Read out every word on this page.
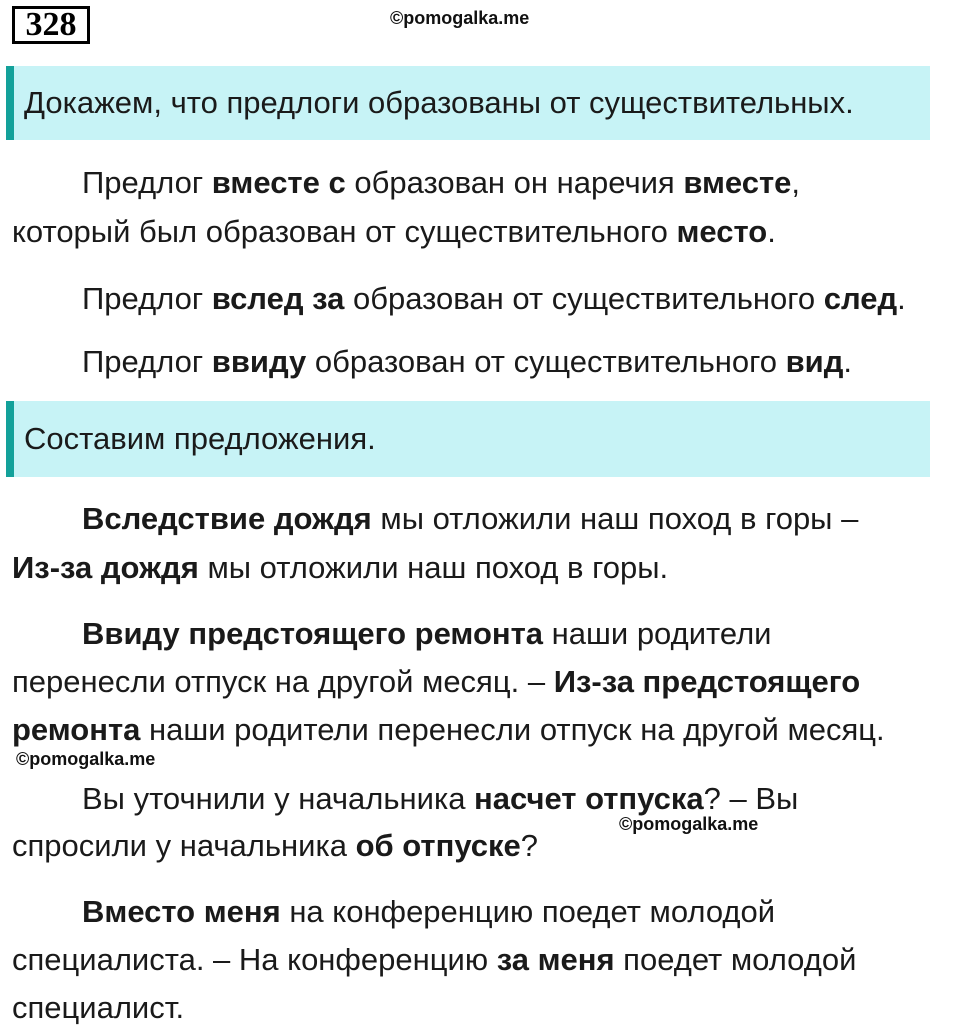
328	©pomogalka.me
Докажем, что предлоги образованы от существительных.
Предлог вместе с образован он наречия вместе,
который был образован от существительного место.
Предлог вслед за образован от существительного след.
Предлог ввиду образован от существительного вид.
Составим предложения.
Вследствие дождя мы отложили наш поход в горы –
Из-за дождя мы отложили наш поход в горы.
Ввиду предстоящего ремонта наши родители
перенесли отпуск на другой месяц. – Из-за предстоящего
ремонта наши родители перенесли отпуск на другой месяц.
©pomogalka.me
Вы уточнили у начальника насчет отпуска? – Вы
©pomogalka.me
спросили у начальника об отпуске?
Вместо меня на конференцию поедет молодой
специалиста. – На конференцию за меня поедет молодой
специалист.
